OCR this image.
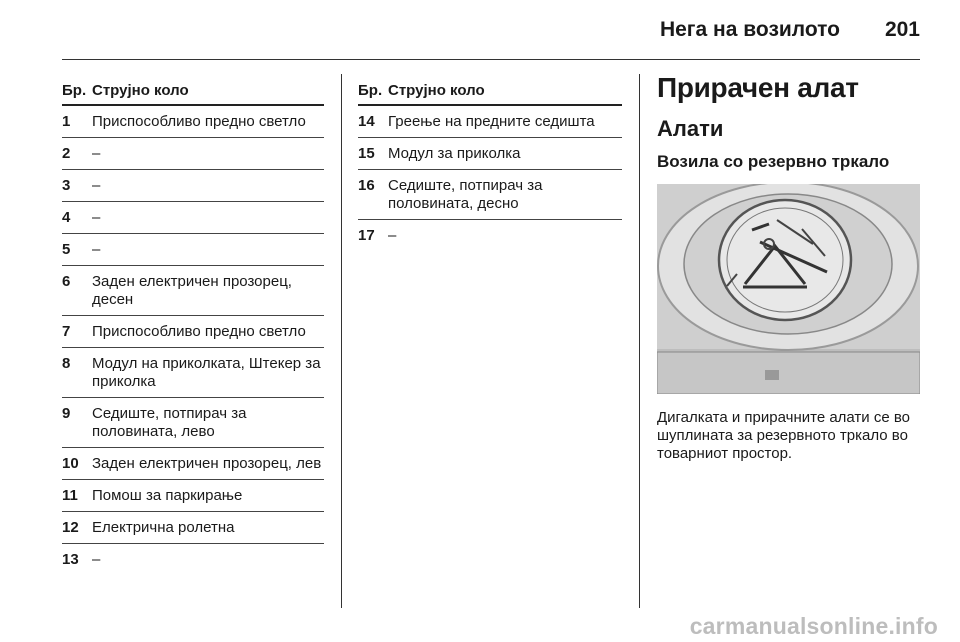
Нега на возилото 201
Бр. Струјно коло
1	Приспособливо предно светло
2	–
3	–
4	–
5	–
6	Заден електричен прозорец, десен
7	Приспособливо предно светло
8	Модул на приколката, Штекер за приколка
9	Седиште, потпирач за половината, лево
10 Заден електричен прозорец, лев
11 Помош за паркирање
12 Електрична ролетна
13 –
Бр. Струјно коло
14 Греење на предните седишта
15 Модул за приколка
16 Седиште, потпирач за половината, десно
17 –
Прирачен алат
Алати
Возила со резервно тркало
Дигалката и прирачните алати се во шуплината за резервното тркало во товарниот простор.
carmanualsonline.info
